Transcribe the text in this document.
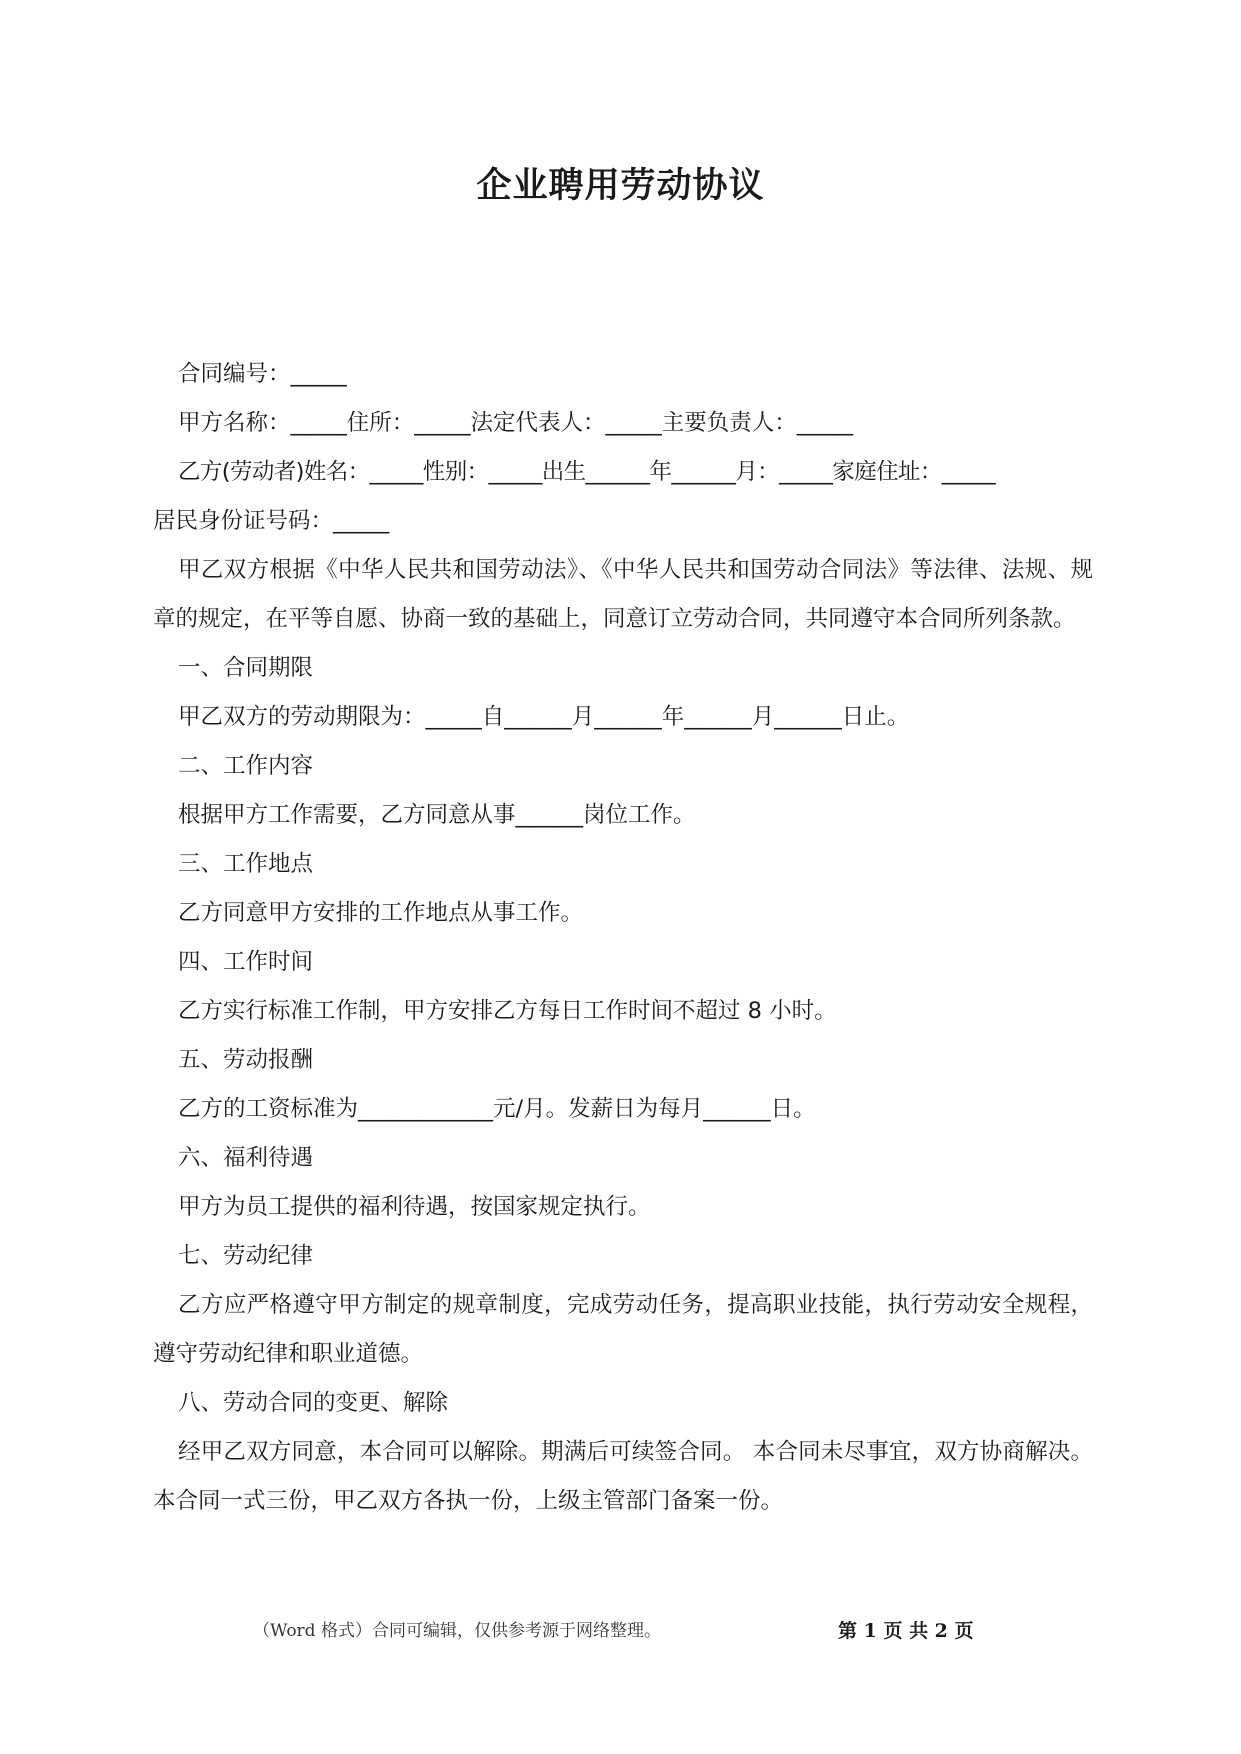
企业聘用劳动协议
合同编号：_____
甲方名称：_____住所：_____法定代表人：_____主要负责人：_____
乙方(劳动者)姓名：_____性别：_____出生______年______月：_____家庭住址：_____
居民身份证号码：_____
甲乙双方根据《中华人民共和国劳动法》、《中华人民共和国劳动合同法》等法律、法规、规章的规定，在平等自愿、协商一致的基础上，同意订立劳动合同，共同遵守本合同所列条款。
一、合同期限
甲乙双方的劳动期限为：_____自______月______年______月______日止。
二、工作内容
根据甲方工作需要，乙方同意从事______岗位工作。
三、工作地点
乙方同意甲方安排的工作地点从事工作。
四、工作时间
乙方实行标准工作制，甲方安排乙方每日工作时间不超过 8 小时。
五、劳动报酬
乙方的工资标准为____________元/月。发薪日为每月______日。
六、福利待遇
甲方为员工提供的福利待遇，按国家规定执行。
七、劳动纪律
乙方应严格遵守甲方制定的规章制度，完成劳动任务，提高职业技能，执行劳动安全规程，遵守劳动纪律和职业道德。
八、劳动合同的变更、解除
经甲乙双方同意，本合同可以解除。期满后可续签合同。 本合同未尽事宜，双方协商解决。 本合同一式三份，甲乙双方各执一份，上级主管部门备案一份。
（Word 格式）合同可编辑，仅供参考源于网络整理。	第 1 页 共 2 页
